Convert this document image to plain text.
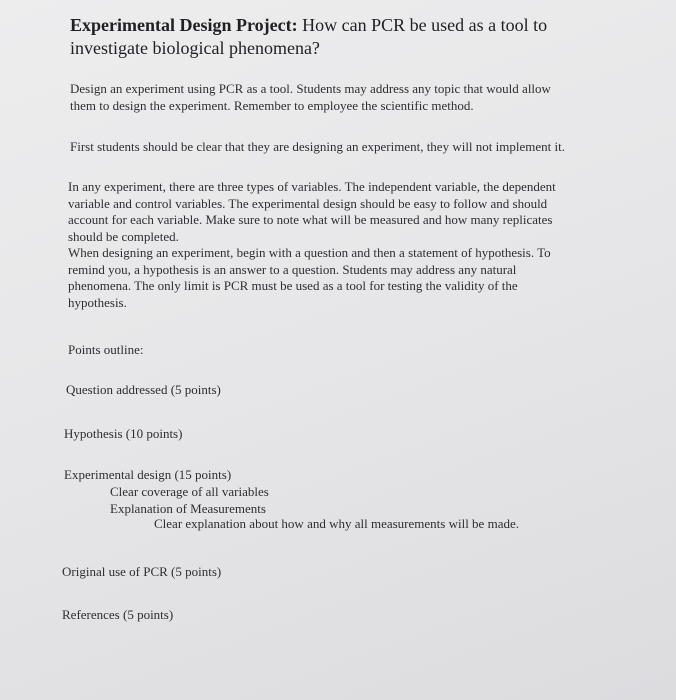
Experimental Design Project: How can PCR be used as a tool to
investigate biological phenomena?
Design an experiment using PCR as a tool. Students may address any topic that would allow
them to design the experiment. Remember to employee the scientific method.
First students should be clear that they are designing an experiment, they will not implement it.
In any experiment, there are three types of variables. The independent variable, the dependent
variable and control variables. The experimental design should be easy to follow and should
account for each variable. Make sure to note what will be measured and how many replicates
should be completed.
When designing an experiment, begin with a question and then a statement of hypothesis. To
remind you, a hypothesis is an answer to a question. Students may address any natural
phenomena. The only limit is PCR must be used as a tool for testing the validity of the
hypothesis.
Points outline:
Question addressed (5 points)
Hypothesis (10 points)
Experimental design (15 points)
Clear coverage of all variables
Explanation of Measurements
Clear explanation about how and why all measurements will be made.
Original use of PCR (5 points)
References (5 points)
